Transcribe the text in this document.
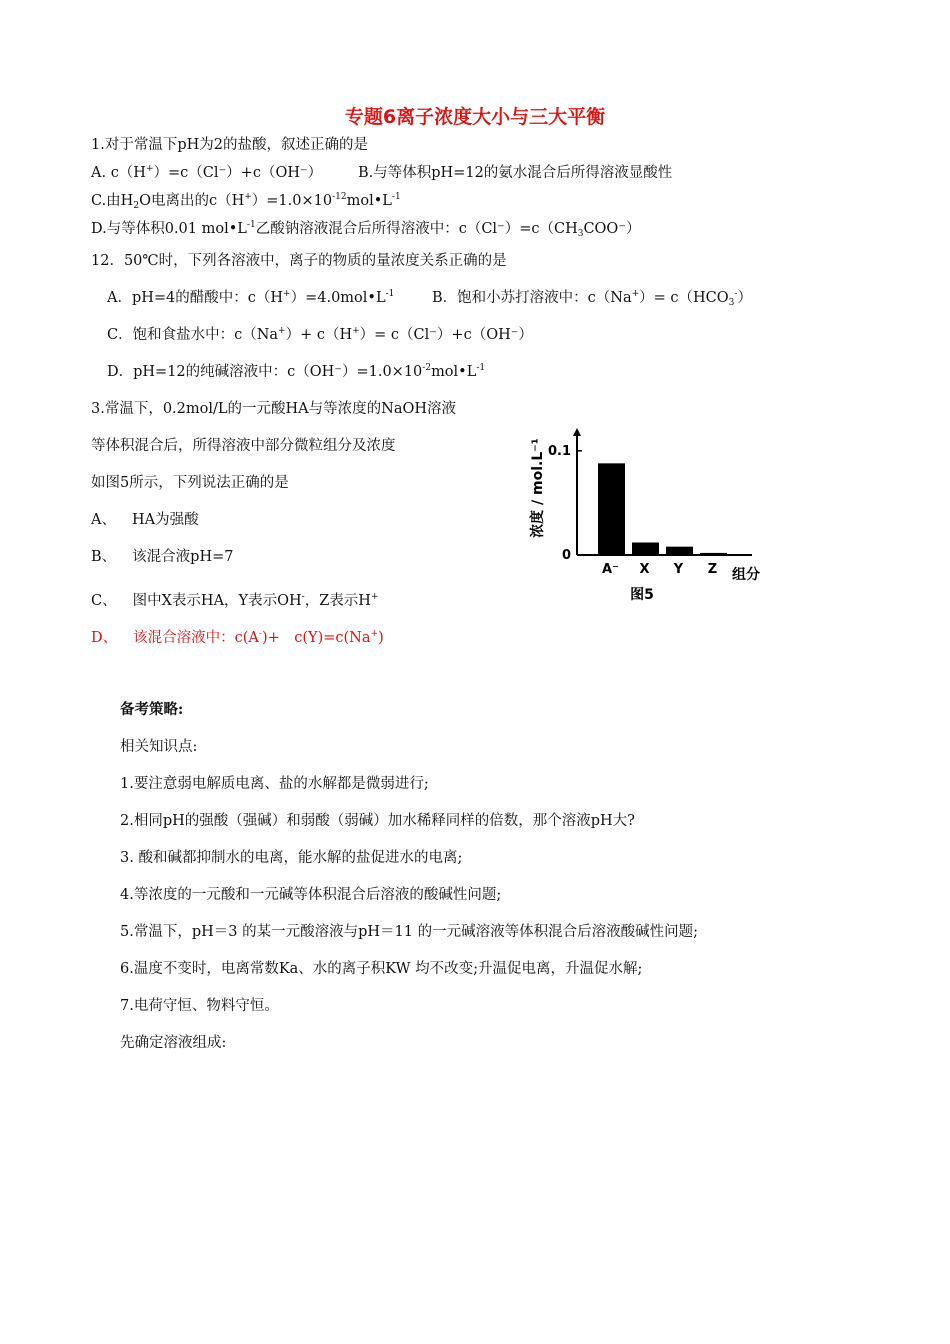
专题6离子浓度大小与三大平衡
1.对于常温下pH为2的盐酸，叙述正确的是
A. c（H+）=c（Cl⁻）+c（OH⁻） B.与等体积pH=12的氨水混合后所得溶液显酸性
C.由$H_2O$电离出的$c(H^+)=1.0\times 10^{-12}mol•L^{-1}$
D.与等体积0.01 $mol•L^{-1}$乙酸钠溶液混合后所得溶液中：$c(Cl^-)=c(CH_3COO^-)$
12．50℃时，下列各溶液中，离子的物质的量浓度关系正确的是
A．pH=4的醋酸中：$c(H^+)=4.0mol•L^{-1}$	B．饱和小苏打溶液中：$c(Na^+)= c(HCO_3^-)$
C．饱和食盐水中：c（Na+）+ c（H+）= c（Cl⁻）+c（OH⁻）
D．pH=12的纯碱溶液中：$c(OH^-)=1.0\times 10^{-2}mol•L^{-1}$
3.常温下，0.2mol/L的一元酸HA与等浓度的NaOH溶液
等体积混合后，所得溶液中部分微粒组分及浓度
如图5所示，下列说法正确的是
A、 HA为强酸
B、 该混合液pH=7
C、 图中X表示HA，Y表示OH-，Z表示H+
D、 该混合溶液中：c(A-)+　c(Y)=c(Na+)
0
0.1
A⁻ X Y Z 组分
浓度 / mol.L⁻¹
图5
备考策略:
相关知识点:
1.要注意弱电解质电离、盐的水解都是微弱进行;
2.相同pH的强酸（强碱）和弱酸（弱碱）加水稀释同样的倍数，那个溶液pH大?
3. 酸和碱都抑制水的电离，能水解的盐促进水的电离;
4.等浓度的一元酸和一元碱等体积混合后溶液的酸碱性问题;
5.常温下，pH＝3 的某一元酸溶液与pH＝11 的一元碱溶液等体积混合后溶液酸碱性问题;
6.温度不变时，电离常数Ka、水的离子积KW 均不改变;升温促电离，升温促水解;
7.电荷守恒、物料守恒。
先确定溶液组成:
